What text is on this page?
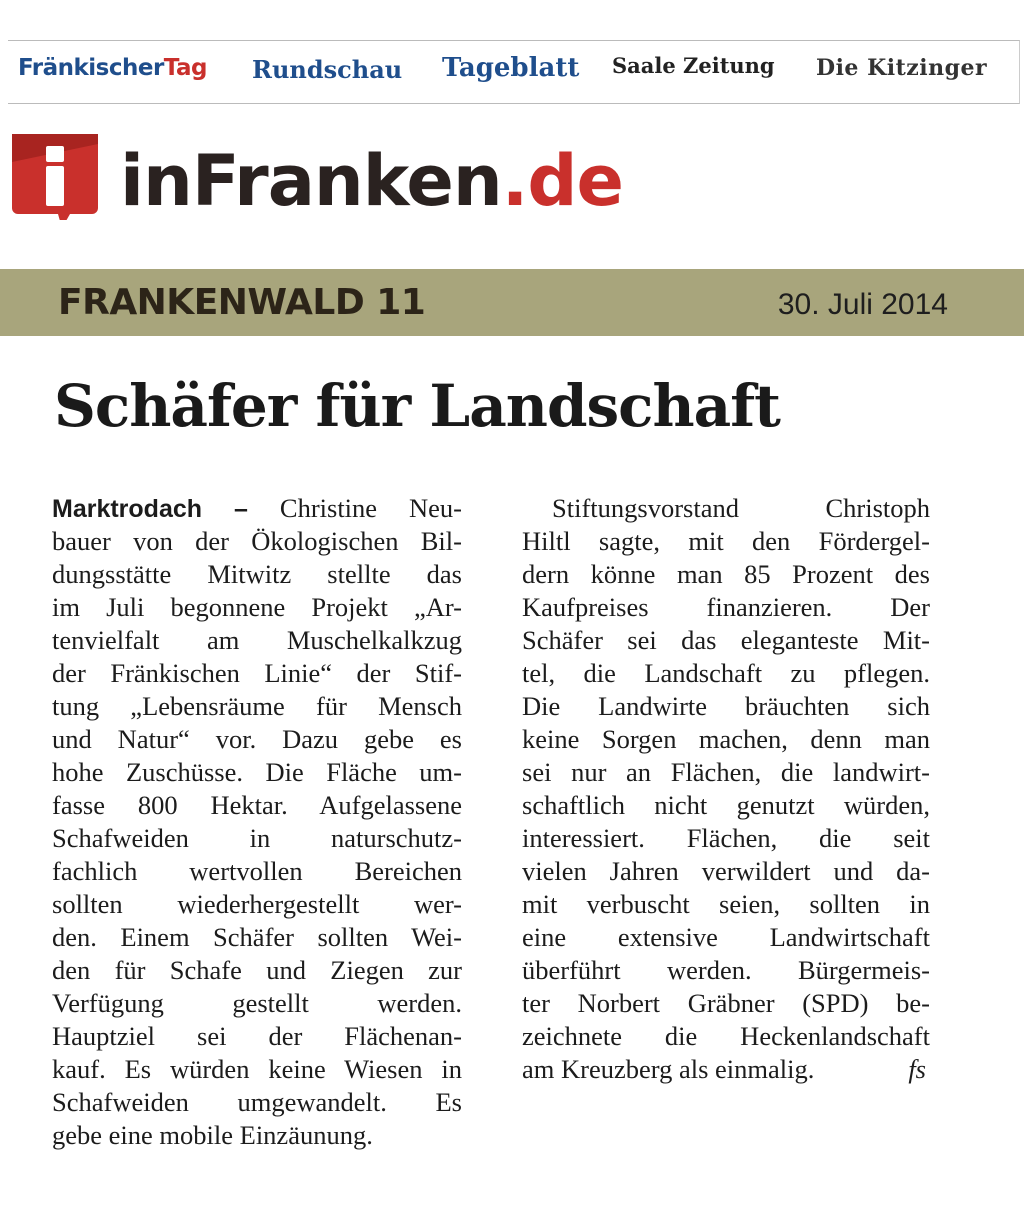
FränkischerTag Rundschau Tageblatt Saale Zeitung Die Kitzinger
inFranken.de
FRANKENWALD 11	30. Juli 2014
Schäfer für Landschaft
Marktrodach – Christine Neu-
bauer von der Ökologischen Bil-
dungsstätte Mitwitz stellte das
im Juli begonnene Projekt „Ar-
tenvielfalt am Muschelkalkzug
der Fränkischen Linie“ der Stif-
tung „Lebensräume für Mensch
und Natur“ vor. Dazu gebe es
hohe Zuschüsse. Die Fläche um-
fasse 800 Hektar. Aufgelassene
Schafweiden in naturschutz-
fachlich wertvollen Bereichen
sollten wiederhergestellt wer-
den. Einem Schäfer sollten Wei-
den für Schafe und Ziegen zur
Verfügung gestellt werden.
Hauptziel sei der Flächenan-
kauf. Es würden keine Wiesen in
Schafweiden umgewandelt. Es
gebe eine mobile Einzäunung.
Stiftungsvorstand Christoph
Hiltl sagte, mit den Fördergel-
dern könne man 85 Prozent des
Kaufpreises finanzieren. Der
Schäfer sei das eleganteste Mit-
tel, die Landschaft zu pflegen.
Die Landwirte bräuchten sich
keine Sorgen machen, denn man
sei nur an Flächen, die landwirt-
schaftlich nicht genutzt würden,
interessiert. Flächen, die seit
vielen Jahren verwildert und da-
mit verbuscht seien, sollten in
eine extensive Landwirtschaft
überführt werden. Bürgermeis-
ter Norbert Gräbner (SPD) be-
zeichnete die Heckenlandschaft
am Kreuzberg als einmalig.	fs
